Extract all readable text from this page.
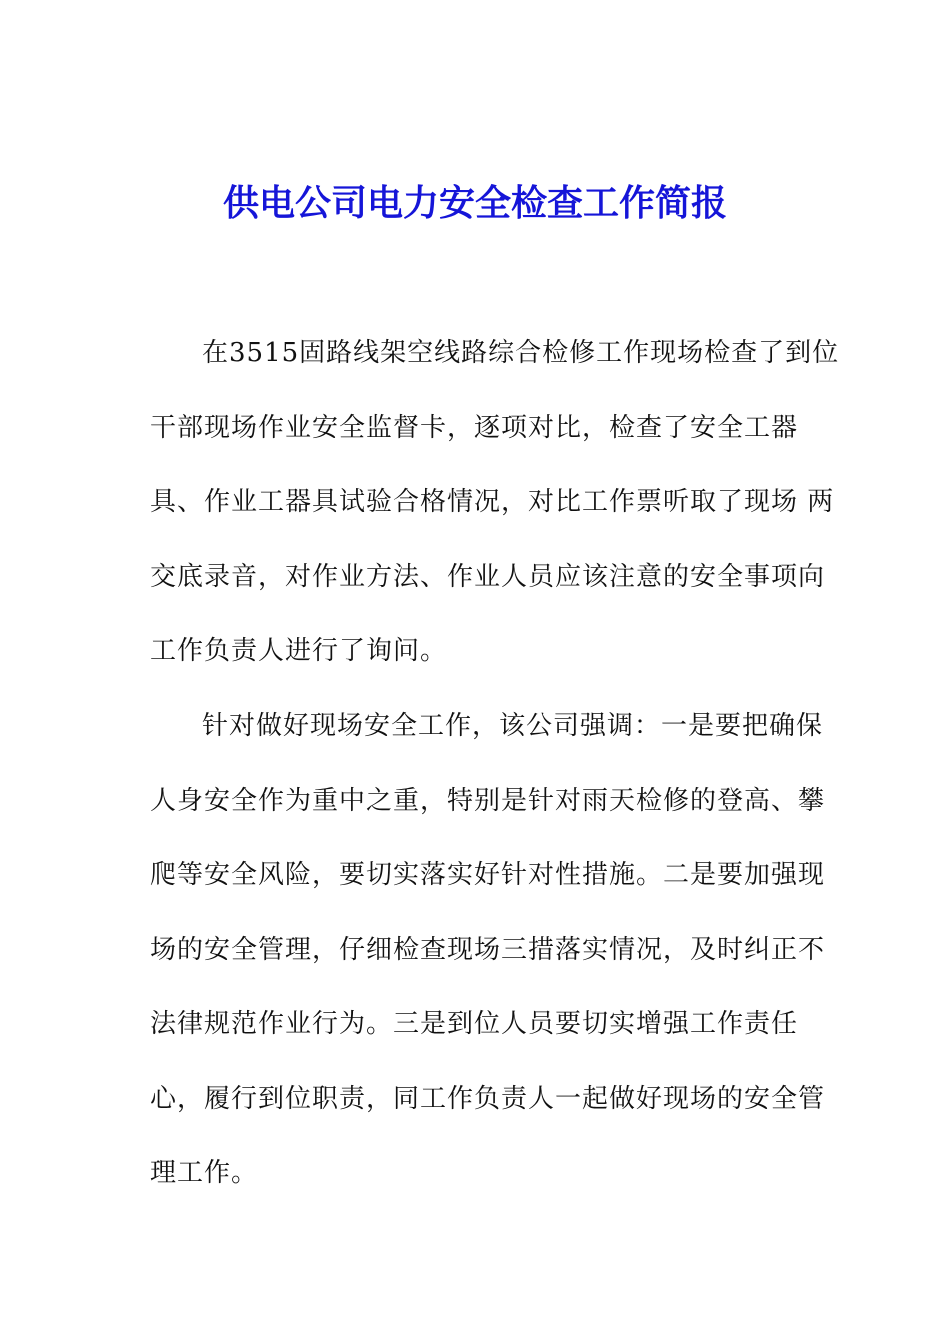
供电公司电力安全检查工作简报

在3515固路线架空线路综合检修工作现场检查了到位

干部现场作业安全监督卡，逐项对比，检查了安全工器

具、作业工器具试验合格情况，对比工作票听取了现场 两

交底录音，对作业方法、作业人员应该注意的安全事项向

工作负责人进行了询问。

针对做好现场安全工作，该公司强调：一是要把确保

人身安全作为重中之重，特别是针对雨天检修的登高、攀

爬等安全风险，要切实落实好针对性措施。二是要加强现

场的安全管理，仔细检查现场三措落实情况，及时纠正不

法律规范作业行为。三是到位人员要切实增强工作责任

心，履行到位职责，同工作负责人一起做好现场的安全管

理工作。
